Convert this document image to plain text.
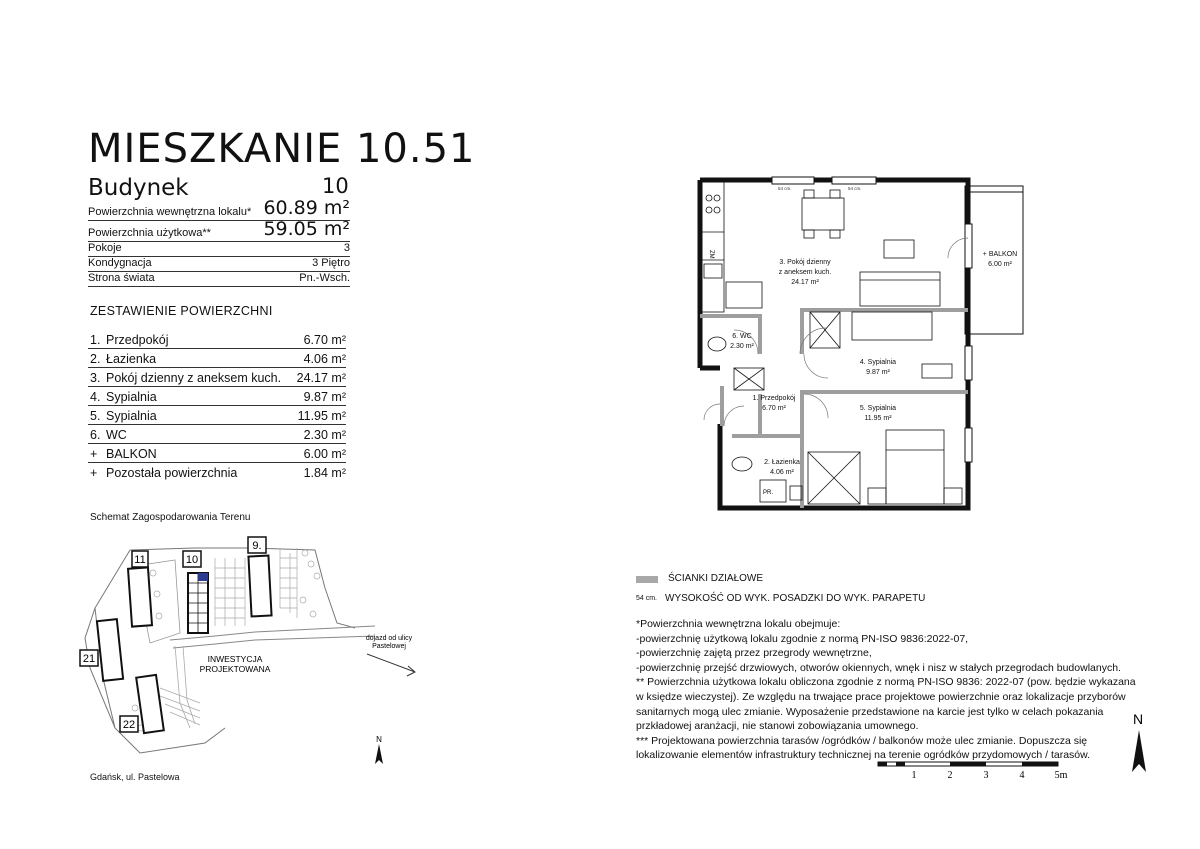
MIESZKANIE 10.51
Budynek	10
Powierzchnia wewnętrzna lokalu* 60.89 m²
Powierzchnia użytkowa**	59.05 m²
Pokoje	3
Kondygnacja	3 Piętro
Strona świata	Pn.-Wsch.
ZESTAWIENIE POWIERZCHNI
1. Przedpokój	6.70 m²
2. Łazienka	4.06 m²
3. Pokój dzienny z aneksem kuch. 24.17 m²
4. Sypialnia	9.87 m²
5. Sypialnia	11.95 m²
6. WC	2.30 m²
+ BALKON	6.00 m²
+ Pozostała powierzchnia	1.84 m²
Schemat Zagospodarowania Terenu
11	10
9.
21
22
INWESTYCJA
PROJEKTOWANA
dojazd od ulicy
Pastelowej
N
Gdańsk, ul. Pastelowa
ZM
PR.
3. Pokój dzienny
z aneksem kuch.
24.17 m²
+ BALKON
6.00 m²
6. WC
2.30 m²
4. Sypialnia
9.87 m²
1. Przedpokój
6.70 m²	5. Sypialnia
11.95 m²
2. Łazienka
4.06 m²
54 cm.	54 cm.
ŚCIANKI DZIAŁOWE
54 cm. WYSOKOŚĆ OD WYK. POSADZKI DO WYK. PARAPETU
*Powierzchnia wewnętrzna lokalu obejmuje:
-powierzchnię użytkową lokalu zgodnie z normą PN-ISO 9836:2022-07,
-powierzchnię zajętą przez przegrody wewnętrzne,
-powierzchnię przejść drzwiowych, otworów okiennych, wnęk i nisz w stałych przegrodach budowlanych.
** Powierzchnia użytkowa lokalu obliczona zgodnie z normą PN-ISO 9836: 2022-07 (pow. będzie wykazana
w księdze wieczystej). Ze względu na trwające prace projektowe powierzchnie oraz lokalizacje przyborów
sanitarnych mogą ulec zmianie. Wyposażenie przedstawione na karcie jest tylko w celach pokazania
przkładowej aranżacji, nie stanowi zobowiązania umownego.
*** Projektowana powierzchnia tarasów /ogródków / balkonów może ulec zmianie. Dopuszcza się
lokalizowanie elementów infrastruktury technicznej na terenie ogródków przydomowych / tarasów.
1	2	3	4	5m
N
